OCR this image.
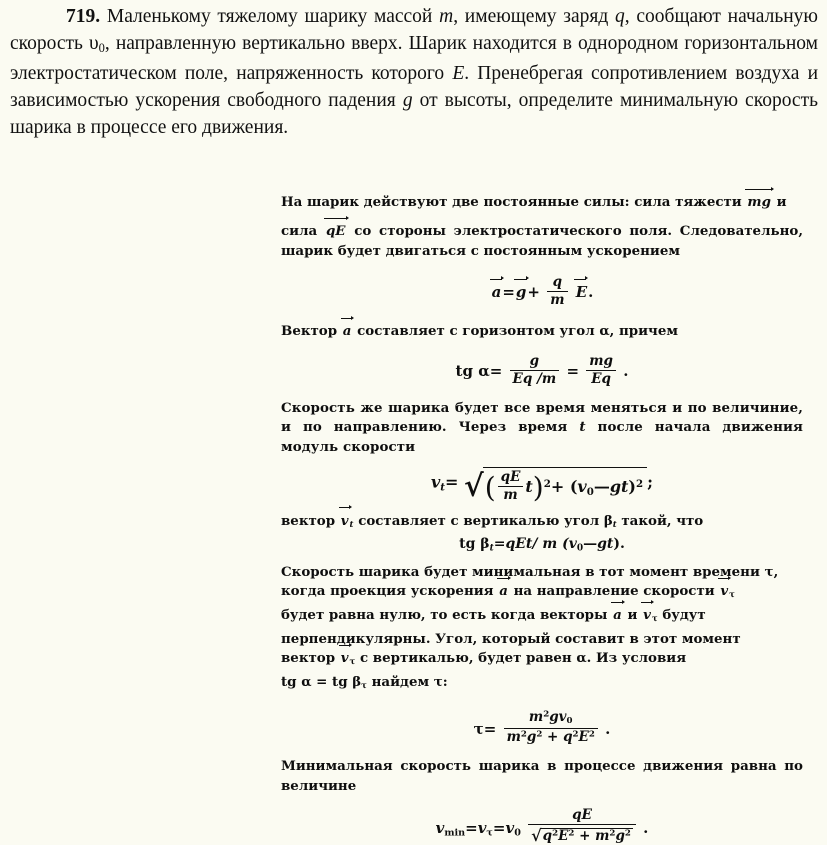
719. Маленькому тяжелому шарику массой m, имеющему заряд q, сообщают начальную скорость $\upsilon_0$, направленную вертикально вверх. Шарик находится в однородном горизонтальном электростатическом поле, напряженность которого E. Пренебрегая сопротивлением воздуха и зависимостью ускорения свободного падения g от высоты, определите минимальную скорость шарика в процессе его движения.

На шарик действуют две постоянные силы: сила тяжести mg и

сила qE со стороны электростатического поля. Следовательно, шарик будет двигаться с постоянным ускорением

$a=g+ \frac{q}{m} E$.

Вектор a составляет с горизонтом угол α, причем

tg $\alpha= \frac{g}{Eq /m} = \frac{mg}{Eq}$ .

Скорость же шарика будет все время меняться и по величиние, и по направлению. Через время t после начала движения модуль скорости

$v_t=$ √( $\frac{qE}{m} t)^2+$ $(v_0—gt)^2$ ;

вектор $v_t$ составляет с вертикалью угол $\beta_t$ такой, что

tg $\beta_t=qEt/$ m $(v_0—gt)$.

Скорость шарика будет минимальная в тот момент времени τ,

когда проекция ускорения a на направление скорости $v_\tau$

будет равна нулю, то есть когда векторы a и $v_\tau$ будут

перпендикулярны. Угол, который составит в этот момент

вектор $v_\tau$ с вертикалью, будет равен α. Из условия

tg α = tg $\beta_\tau$ найдем τ:

$\tau= \frac{m^2gv_0}{m^2g^2 + q^2E^2}$ .

Минимальная скорость шарика в процессе движения равна по величине

$v_{min}=v_\tau=v_0 \frac{qE}{√q^2E^2 + m^2g^2}$ .
